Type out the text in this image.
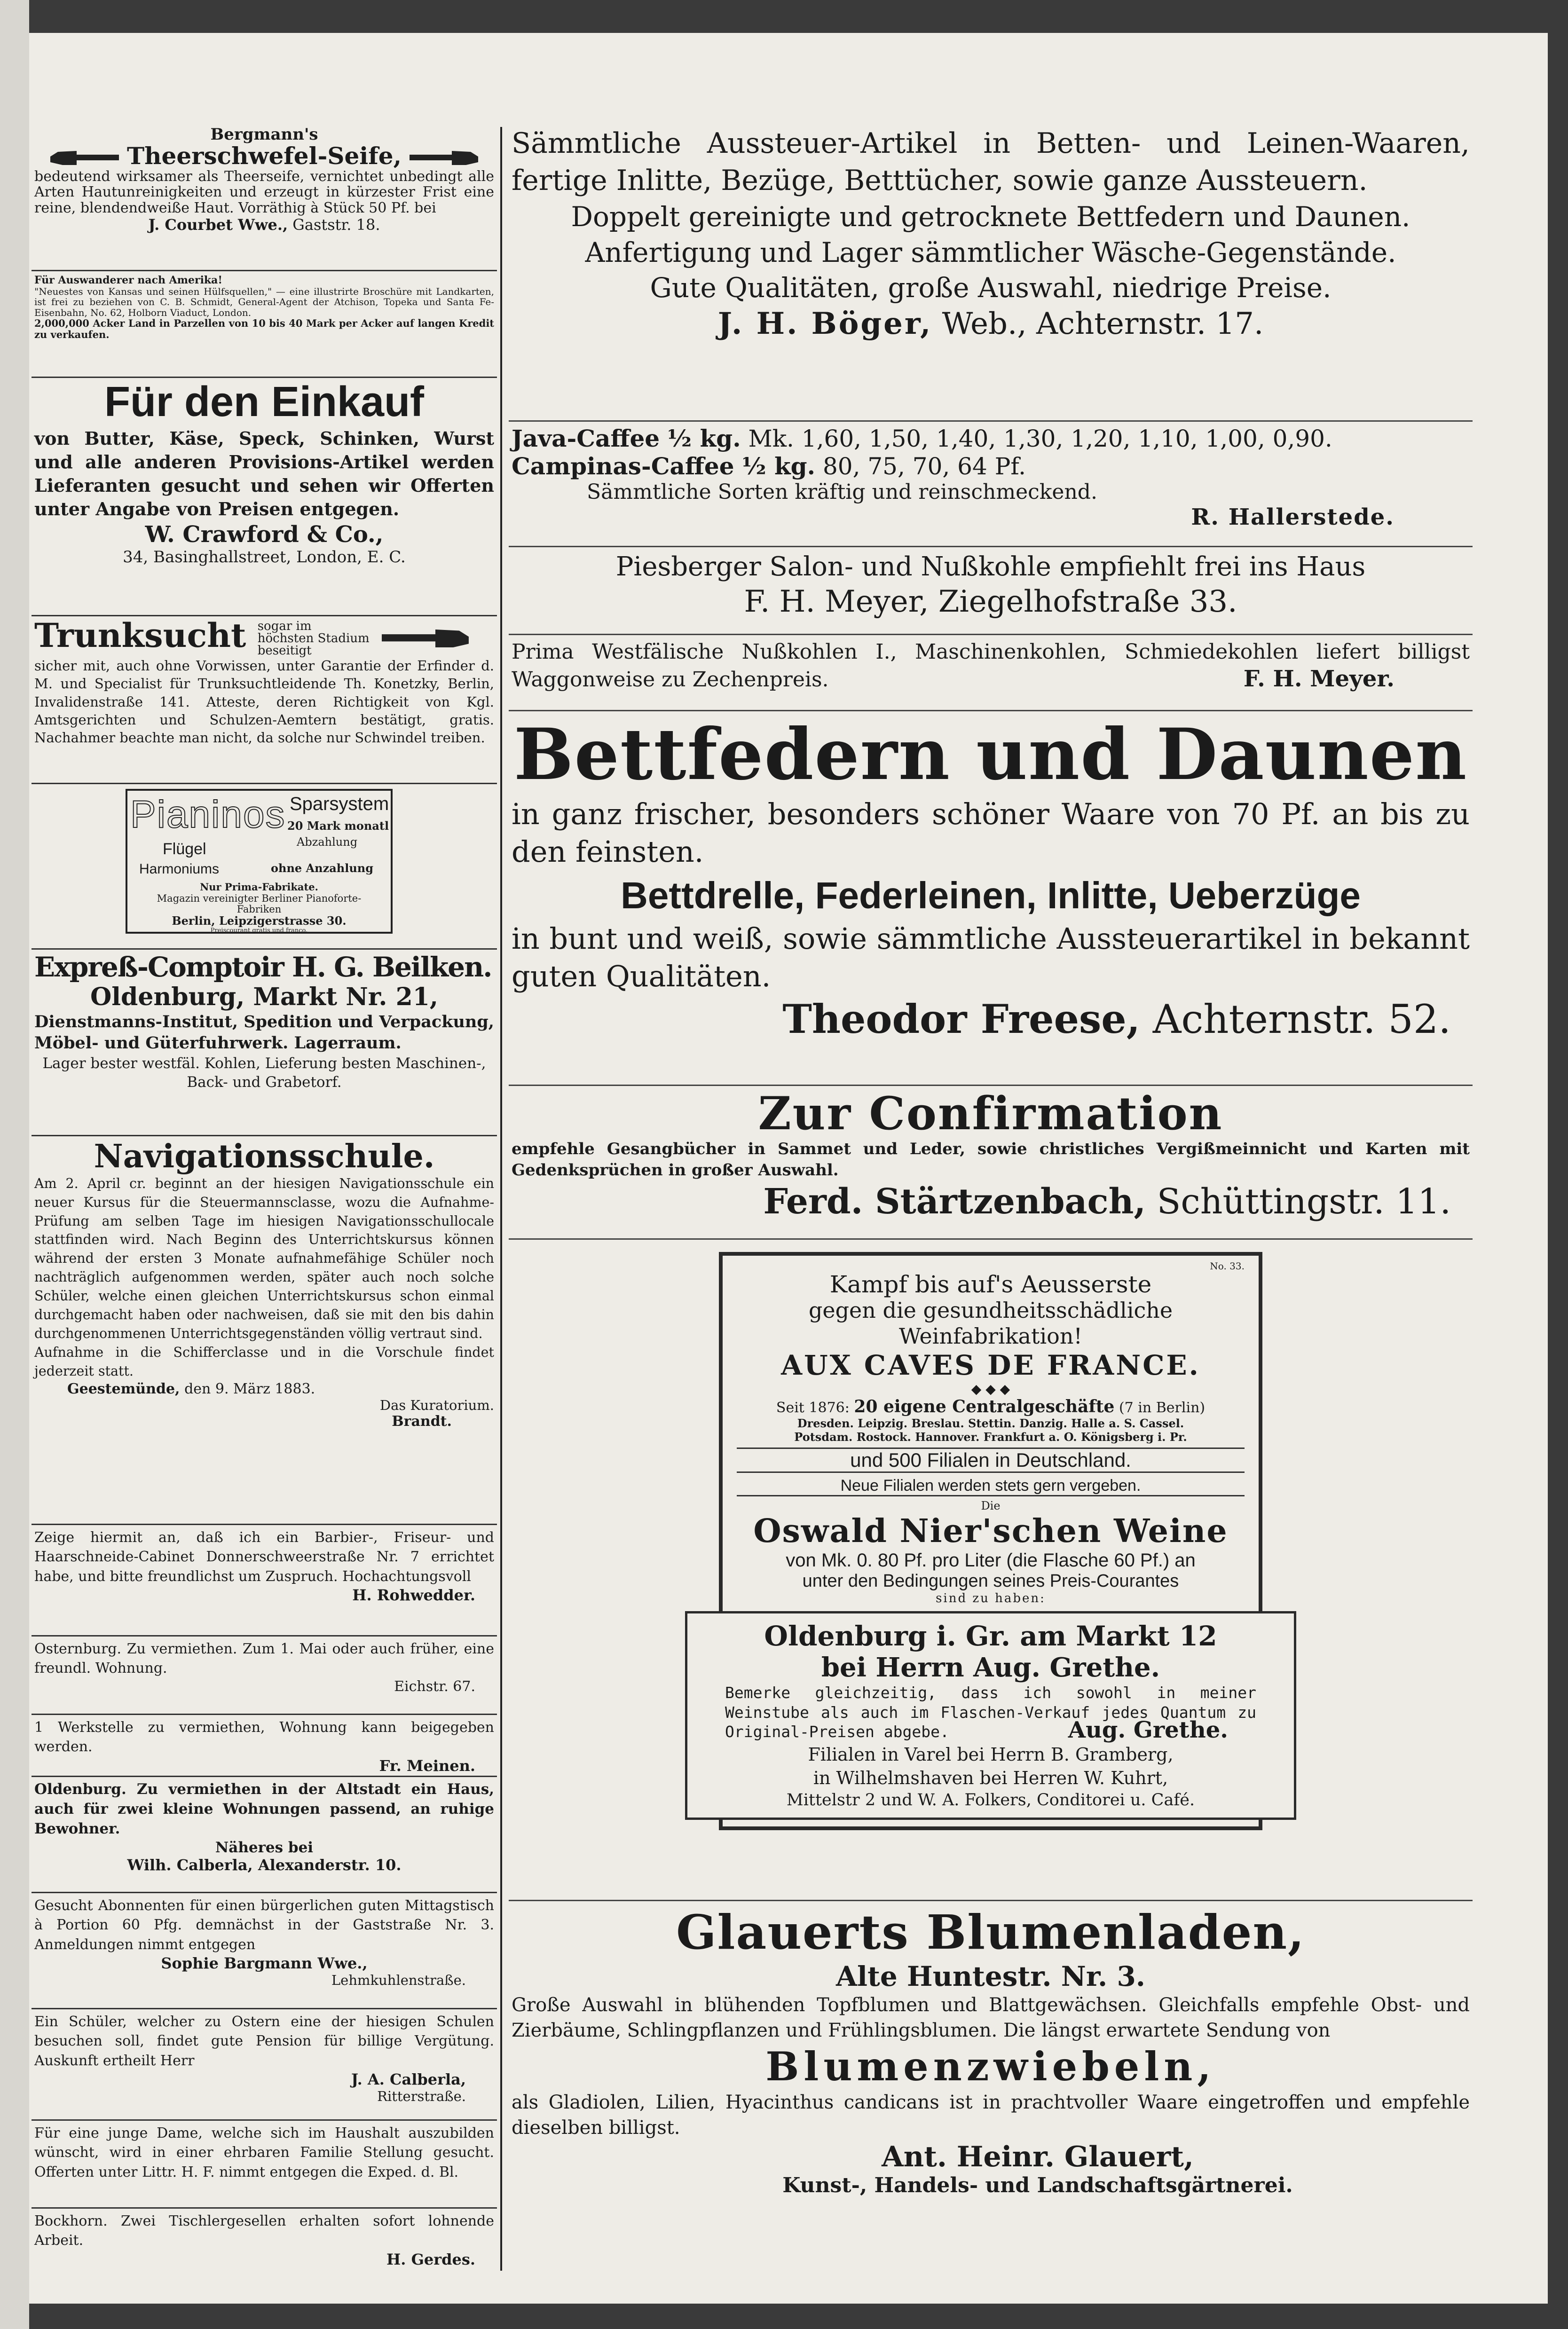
Bergmann's

Theerschwefel-Seife,

bedeutend wirksamer als Theerseife, vernichtet unbedingt alle Arten Hautunreinigkeiten und erzeugt in kürzester Frist eine reine, blendendweiße Haut. Vorräthig à Stück 50 Pf. bei

J. Courbet Wwe., Gaststr. 18.

Für Auswanderer nach Amerika!

"Neuestes von Kansas und seinen Hülfsquellen," — eine illustrirte Broschüre mit Landkarten, ist frei zu beziehen von C. B. Schmidt, General-Agent der Atchison, Topeka und Santa Fe-Eisenbahn, No. 62, Holborn Viaduct, London.

2,000,000 Acker Land in Parzellen von 10 bis 40 Mark per Acker auf langen Kredit zu verkaufen.

Für den Einkauf

von Butter, Käse, Speck, Schinken, Wurst und alle anderen Provisions-Artikel werden Lieferanten gesucht und sehen wir Offerten unter Angabe von Preisen entgegen.

W. Crawford & Co.,

34, Basinghallstreet, London, E. C.

Trunksucht sogar im höchsten Stadium beseitigt

sicher mit, auch ohne Vorwissen, unter Garantie der Erfinder d. M. und Specialist für Trunksuchtleidende Th. Konetzky, Berlin, Invalidenstraße 141. Atteste, deren Richtigkeit von Kgl. Amtsgerichten und Schulzen-Aemtern bestätigt, gratis. Nachahmer beachte man nicht, da solche nur Schwindel treiben.

Pianinos Sparsystem
20 Mark monatl
Flügel	Abzahlung
Harmoniums	ohne Anzahlung
Nur Prima-Fabrikate.
Magazin vereinigter Berliner Pianoforte-Fabriken
Berlin, Leipzigerstrasse 30.
Preiscourant gratis und franco.

Expreß-Comptoir H. G. Beilken.

Oldenburg, Markt Nr. 21,

Dienstmanns-Institut, Spedition und Verpackung, Möbel- und Güterfuhrwerk. Lagerraum.

Lager bester westfäl. Kohlen, Lieferung besten Maschinen-, Back- und Grabetorf.

Navigationsschule.

Am 2. April cr. beginnt an der hiesigen Navigationsschule ein neuer Kursus für die Steuermannsclasse, wozu die Aufnahme-Prüfung am selben Tage im hiesigen Navigationsschullocale stattfinden wird. Nach Beginn des Unterrichtskursus können während der ersten 3 Monate aufnahmefähige Schüler noch nachträglich aufgenommen werden, später auch noch solche Schüler, welche einen gleichen Unterrichtskursus schon einmal durchgemacht haben oder nachweisen, daß sie mit den bis dahin durchgenommenen Unterrichtsgegenständen völlig vertraut sind.

Aufnahme in die Schifferclasse und in die Vorschule findet jederzeit statt.

Geestemünde, den 9. März 1883.

Das Kuratorium.

Brandt.

Zeige hiermit an, daß ich ein Barbier-, Friseur- und Haarschneide-Cabinet Donnerschweerstraße Nr. 7 errichtet habe, und bitte freundlichst um Zuspruch. Hochachtungsvoll

H. Rohwedder.

Osternburg. Zu vermiethen. Zum 1. Mai oder auch früher, eine freundl. Wohnung.

Eichstr. 67.

1 Werkstelle zu vermiethen, Wohnung kann beigegeben werden.

Fr. Meinen.

Oldenburg. Zu vermiethen in der Altstadt ein Haus, auch für zwei kleine Wohnungen passend, an ruhige Bewohner.

Näheres bei

Wilh. Calberla, Alexanderstr. 10.

Gesucht Abonnenten für einen bürgerlichen guten Mittagstisch à Portion 60 Pfg. demnächst in der Gaststraße Nr. 3. Anmeldungen nimmt entgegen

Sophie Bargmann Wwe.,

Lehmkuhlenstraße.

Ein Schüler, welcher zu Ostern eine der hiesigen Schulen besuchen soll, findet gute Pension für billige Vergütung. Auskunft ertheilt Herr

J. A. Calberla,

Ritterstraße.

Für eine junge Dame, welche sich im Haushalt auszubilden wünscht, wird in einer ehrbaren Familie Stellung gesucht. Offerten unter Littr. H. F. nimmt entgegen die Exped. d. Bl.

Bockhorn. Zwei Tischlergesellen erhalten sofort lohnende Arbeit.

H. Gerdes.

Sämmtliche Aussteuer-Artikel in Betten- und Leinen-Waaren, fertige Inlitte, Bezüge, Betttücher, sowie ganze Aussteuern.

Doppelt gereinigte und getrocknete Bettfedern und Daunen.

Anfertigung und Lager sämmtlicher Wäsche-Gegenstände.

Gute Qualitäten, große Auswahl, niedrige Preise.

J. H. Böger, Web., Achternstr. 17.

Java-Caffee ½ kg. Mk. 1,60, 1,50, 1,40, 1,30, 1,20, 1,10, 1,00, 0,90.

Campinas-Caffee ½ kg. 80, 75, 70, 64 Pf.

Sämmtliche Sorten kräftig und reinschmeckend.

R. Hallerstede.

Piesberger Salon- und Nußkohle empfiehlt frei ins Haus

F. H. Meyer, Ziegelhofstraße 33.

Prima Westfälische Nußkohlen I., Maschinenkohlen, Schmiedekohlen liefert billigst Waggonweise zu Zechenpreis.	F. H. Meyer.

Bettfedern und Daunen

in ganz frischer, besonders schöner Waare von 70 Pf. an bis zu den feinsten.

Bettdrelle, Federleinen, Inlitte, Ueberzüge

in bunt und weiß, sowie sämmtliche Aussteuerartikel in bekannt guten Qualitäten.

Theodor Freese, Achternstr. 52.

Zur Confirmation

empfehle Gesangbücher in Sammet und Leder, sowie christliches Vergißmeinnicht und Karten mit Gedenksprüchen in großer Auswahl.

Ferd. Stärtzenbach, Schüttingstr. 11.

No. 33.

Kampf bis auf's Aeusserste

gegen die gesundheitsschädliche Weinfabrikation!

AUX CAVES DE FRANCE.

◆ ◆ ◆

Seit 1876: 20 eigene Centralgeschäfte (7 in Berlin)

Dresden. Leipzig. Breslau. Stettin. Danzig. Halle a. S. Cassel.

Potsdam. Rostock. Hannover. Frankfurt a. O. Königsberg i. Pr.

und 500 Filialen in Deutschland.

Neue Filialen werden stets gern vergeben.

Die

Oswald Nier'schen Weine

von Mk. 0. 80 Pf. pro Liter (die Flasche 60 Pf.) an

unter den Bedingungen seines Preis-Courantes

sind zu haben:

Oldenburg i. Gr. am Markt 12

bei Herrn Aug. Grethe.

Bemerke gleichzeitig, dass ich sowohl in meiner Weinstube als auch im Flaschen-Verkauf jedes Quantum zu Original-Preisen abgebe.	Aug. Grethe.

Filialen in Varel bei Herrn B. Gramberg,

in Wilhelmshaven bei Herren W. Kuhrt,

Mittelstr 2 und W. A. Folkers, Conditorei u. Café.

Glauerts Blumenladen,

Alte Huntestr. Nr. 3.

Große Auswahl in blühenden Topfblumen und Blattgewächsen. Gleichfalls empfehle Obst- und Zierbäume, Schlingpflanzen und Frühlingsblumen. Die längst erwartete Sendung von

Blumenzwiebeln,

als Gladiolen, Lilien, Hyacinthus candicans ist in prachtvoller Waare eingetroffen und empfehle dieselben billigst.

Ant. Heinr. Glauert,

Kunst-, Handels- und Landschaftsgärtnerei.
